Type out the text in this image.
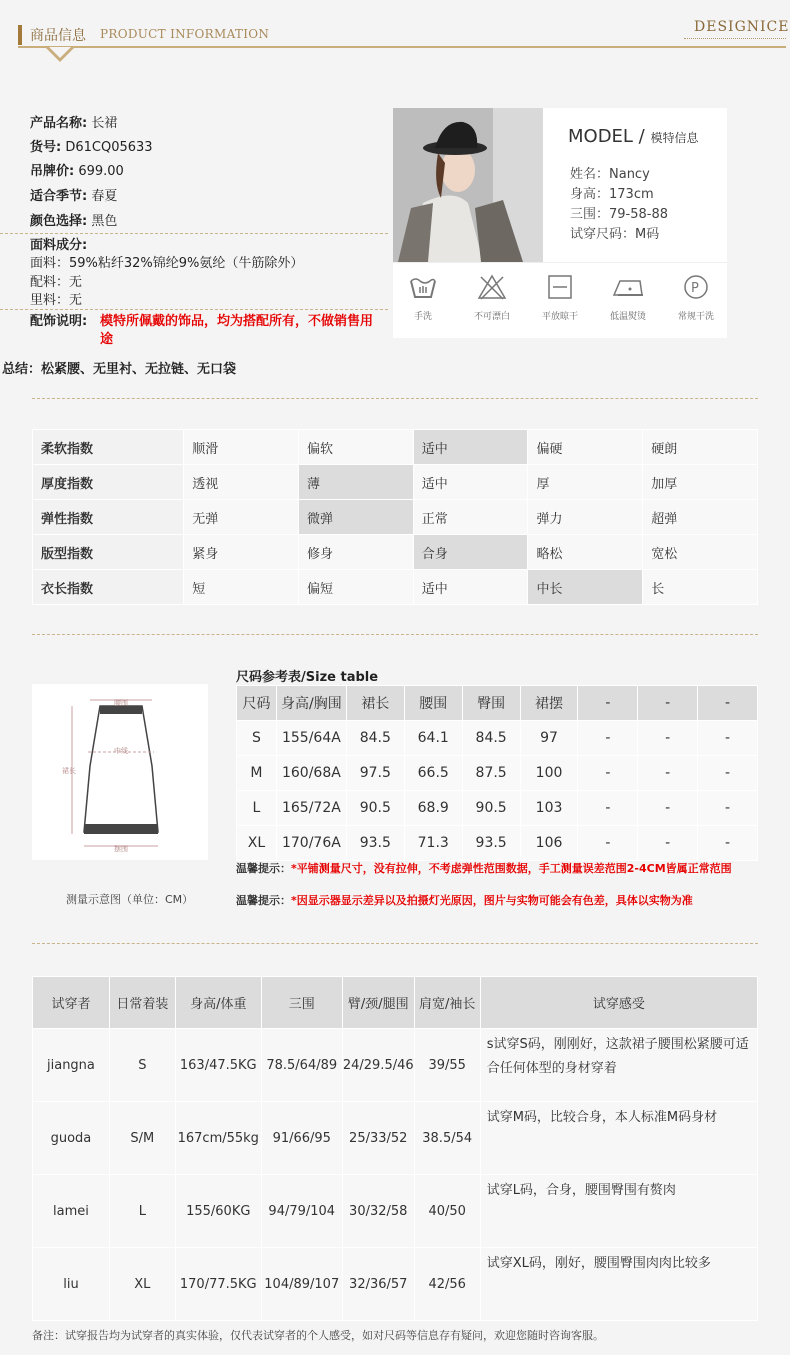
商品信息 PRODUCT INFORMATION	DESIGNICE
产品名称: 长裙
货号: D61CQ05633
吊牌价: 699.00
适合季节: 春夏
颜色选择: 黑色
面料成分:
面料：59%粘纤32%锦纶9%氨纶（牛筋除外）
配料：无
里料：无
配饰说明: 模特所佩戴的饰品，均为搭配所有，不做销售用途
总结：松紧腰、无里衬、无拉链、无口袋
MODEL / 模特信息
姓名：Nancy
身高：173cm
三围：79-58-88
试穿尺码：M码
手洗	不可漂白	平放晾干	低温熨烫
P
常规干洗
柔软指数	顺滑	偏软	适中	偏硬	硬朗
厚度指数	透视	薄	适中	厚	加厚
弹性指数	无弹	微弹	正常	弹力	超弹
版型指数	紧身	修身	合身	略松	宽松
衣长指数	短	偏短	适中	中长	长
腰围
中线
裙长
摆围
测量示意图（单位：CM）
尺码参考表/Size table
尺码	身高/胸围	裙长	腰围	臀围	裙摆	-	-	-
S	155/64A	84.5	64.1	84.5	97	-	-	-
M	160/68A	97.5	66.5	87.5	100	-	-	-
L	165/72A	90.5	68.9	90.5	103	-	-	-
XL	170/76A	93.5	71.3	93.5	106	-	-	-
温馨提示：*平铺测量尺寸，没有拉伸，不考虑弹性范围数据，手工测量误差范围2-4CM皆属正常范围
温馨提示：*因显示器显示差异以及拍摄灯光原因，图片与实物可能会有色差，具体以实物为准
试穿者	日常着装	身高/体重	三围	臂/颈/腿围	肩宽/袖长	试穿感受
jiangna	S	163/47.5KG	78.5/64/89	24/29.5/46	39/55	s试穿S码，刚刚好，这款裙子腰围松紧腰可适合任何体型的身材穿着
guoda	S/M	167cm/55kg	91/66/95	25/33/52	38.5/54	试穿M码，比较合身，本人标准M码身材
lamei	L	155/60KG	94/79/104	30/32/58	40/50	试穿L码，合身，腰围臀围有赘肉
liu	XL	170/77.5KG	104/89/107	32/36/57	42/56	试穿XL码，刚好，腰围臀围肉肉比较多
备注：试穿报告均为试穿者的真实体验，仅代表试穿者的个人感受，如对尺码等信息存有疑问，欢迎您随时咨询客服。
